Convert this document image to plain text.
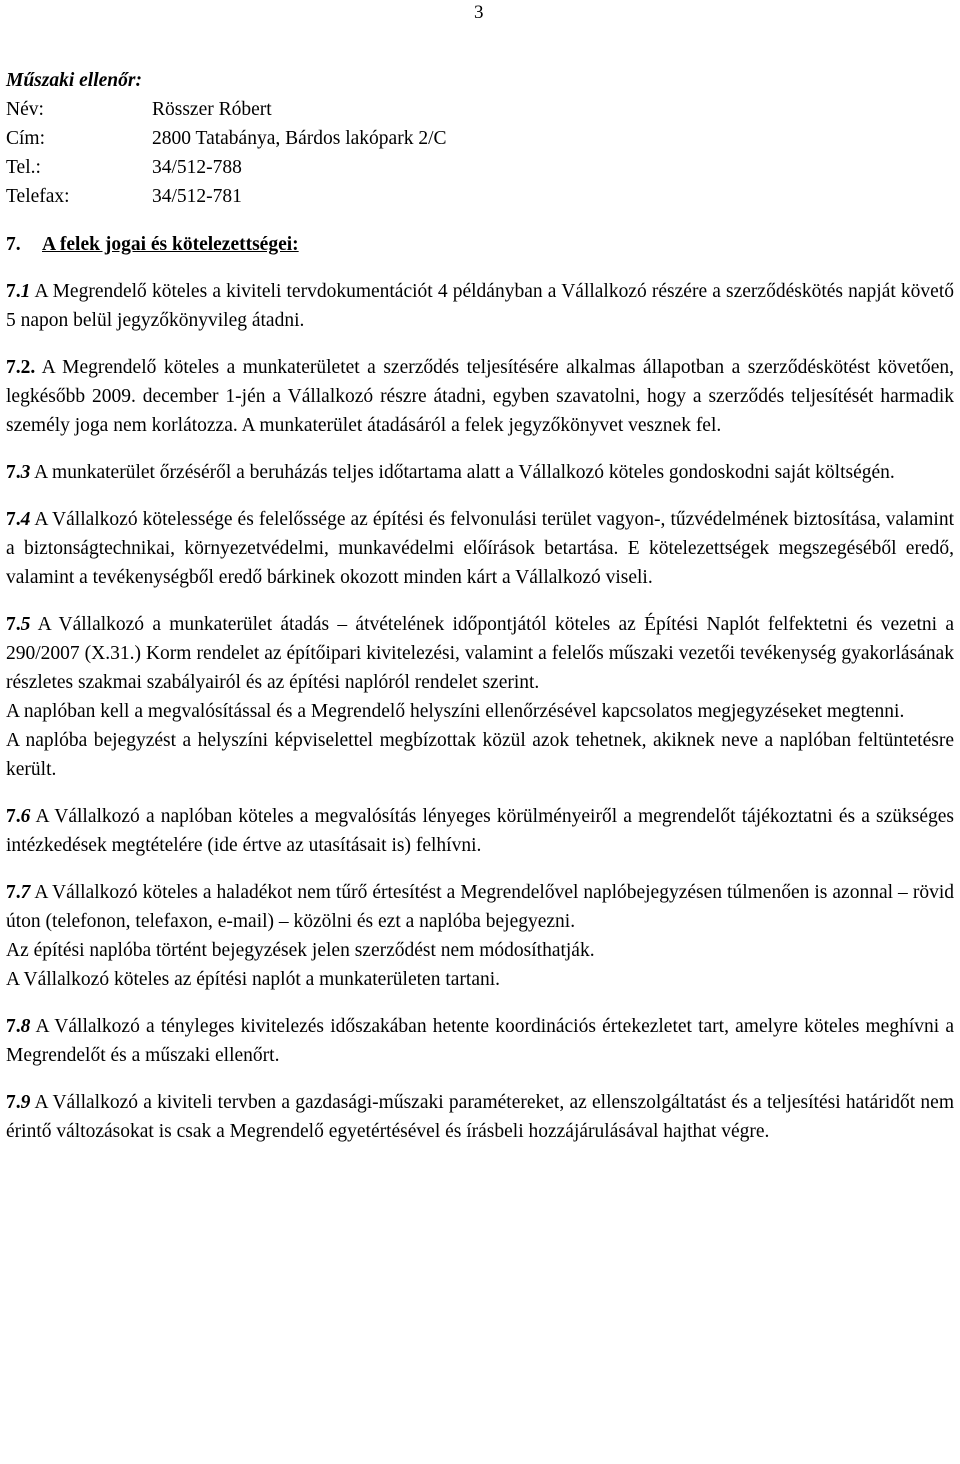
3
Műszaki ellenőr:
Név:	Rösszer Róbert
Cím:	2800 Tatabánya, Bárdos lakópark 2/C
Tel.:	34/512-788
Telefax:	34/512-781
7. A felek jogai és kötelezettségei:
7.1 A Megrendelő köteles a kiviteli tervdokumentációt 4 példányban a Vállalkozó részére a szerződéskötés napját követő 5 napon belül jegyzőkönyvileg átadni.
7.2. A Megrendelő köteles a munkaterületet a szerződés teljesítésére alkalmas állapotban a szerződéskötést követően, legkésőbb 2009. december 1-jén a Vállalkozó részre átadni, egyben szavatolni, hogy a szerződés teljesítését harmadik személy joga nem korlátozza. A munkaterület átadásáról a felek jegyzőkönyvet vesznek fel.
7.3 A munkaterület őrzéséről a beruházás teljes időtartama alatt a Vállalkozó köteles gondoskodni saját költségén.
7.4 A Vállalkozó kötelessége és felelőssége az építési és felvonulási terület vagyon-, tűzvédelmének biztosítása, valamint a biztonságtechnikai, környezetvédelmi, munkavédelmi előírások betartása. E kötelezettségek megszegéséből eredő, valamint a tevékenységből eredő bárkinek okozott minden kárt a Vállalkozó viseli.
7.5 A Vállalkozó a munkaterület átadás – átvételének időpontjától köteles az Építési Naplót felfektetni és vezetni a 290/2007 (X.31.) Korm rendelet az építőipari kivitelezési, valamint a felelős műszaki vezetői tevékenység gyakorlásának részletes szakmai szabályairól és az építési naplóról rendelet szerint.
A naplóban kell a megvalósítással és a Megrendelő helyszíni ellenőrzésével kapcsolatos megjegyzéseket megtenni.
A naplóba bejegyzést a helyszíni képviselettel megbízottak közül azok tehetnek, akiknek neve a naplóban feltüntetésre került.
7.6 A Vállalkozó a naplóban köteles a megvalósítás lényeges körülményeiről a megrendelőt tájékoztatni és a szükséges intézkedések megtételére (ide értve az utasításait is) felhívni.
7.7 A Vállalkozó köteles a haladékot nem tűrő értesítést a Megrendelővel naplóbejegyzésen túlmenően is azonnal – rövid úton (telefonon, telefaxon, e-mail) – közölni és ezt a naplóba bejegyezni.
Az építési naplóba történt bejegyzések jelen szerződést nem módosíthatják.
A Vállalkozó köteles az építési naplót a munkaterületen tartani.
7.8 A Vállalkozó a tényleges kivitelezés időszakában hetente koordinációs értekezletet tart, amelyre köteles meghívni a Megrendelőt és a műszaki ellenőrt.
7.9 A Vállalkozó a kiviteli tervben a gazdasági-műszaki paramétereket, az ellenszolgáltatást és a teljesítési határidőt nem érintő változásokat is csak a Megrendelő egyetértésével és írásbeli hozzájárulásával hajthat végre.
